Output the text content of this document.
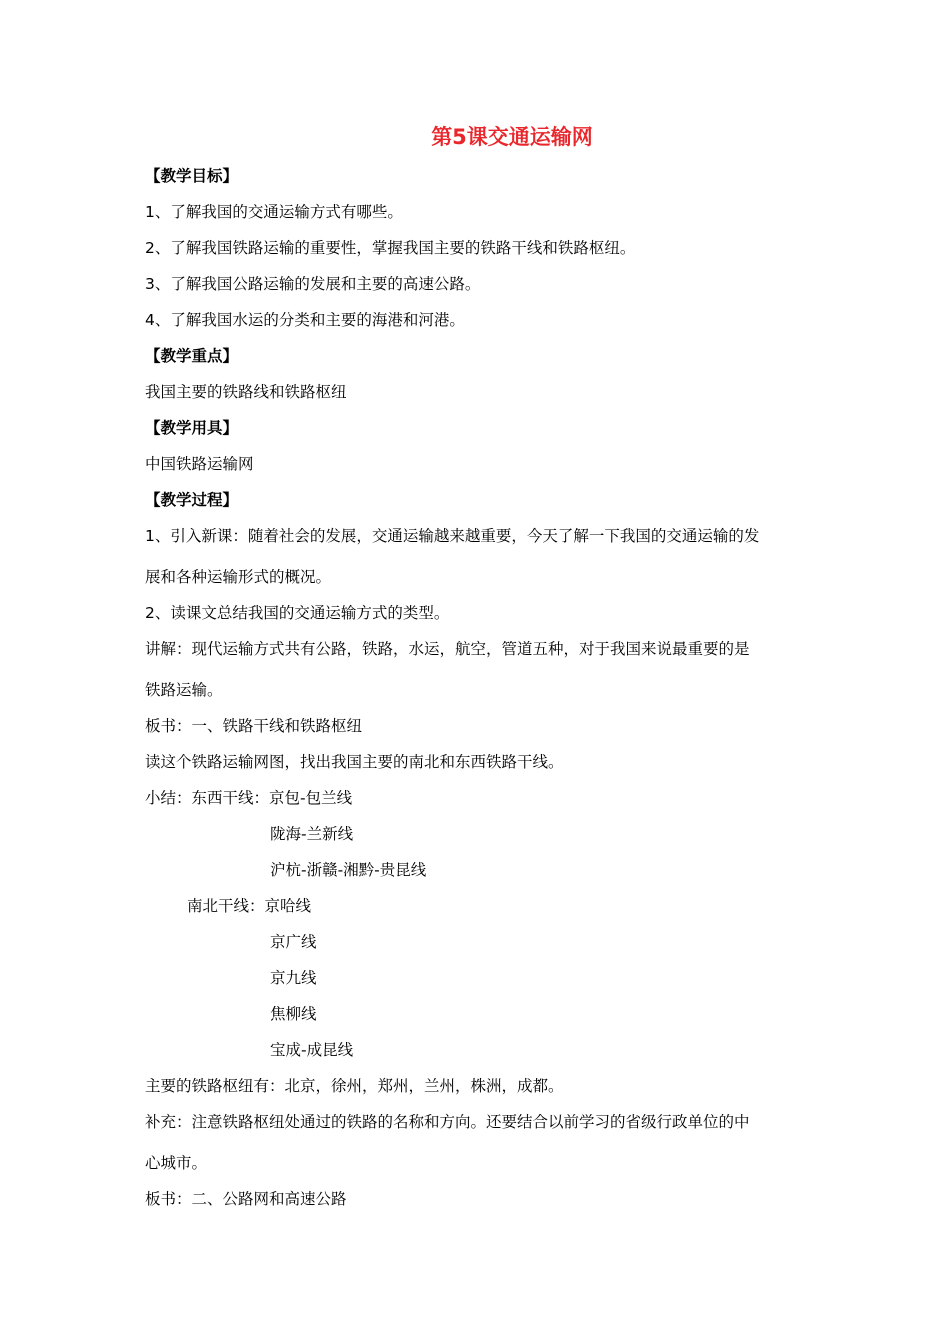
第5课交通运输网

【教学目标】

1、了解我国的交通运输方式有哪些。

2、了解我国铁路运输的重要性，掌握我国主要的铁路干线和铁路枢纽。

3、了解我国公路运输的发展和主要的高速公路。

4、了解我国水运的分类和主要的海港和河港。

【教学重点】

我国主要的铁路线和铁路枢纽

【教学用具】

中国铁路运输网

【教学过程】

1、引入新课：随着社会的发展，交通运输越来越重要，今天了解一下我国的交通运输的发

展和各种运输形式的概况。

2、读课文总结我国的交通运输方式的类型。

讲解：现代运输方式共有公路，铁路，水运，航空，管道五种，对于我国来说最重要的是

铁路运输。

板书：一、铁路干线和铁路枢纽

读这个铁路运输网图，找出我国主要的南北和东西铁路干线。

小结：东西干线：京包-包兰线

陇海-兰新线

沪杭-浙赣-湘黔-贵昆线

南北干线：京哈线

京广线

京九线

焦柳线

宝成-成昆线

主要的铁路枢纽有：北京，徐州，郑州，兰州，株洲，成都。

补充：注意铁路枢纽处通过的铁路的名称和方向。还要结合以前学习的省级行政单位的中

心城市。

板书：二、公路网和高速公路
